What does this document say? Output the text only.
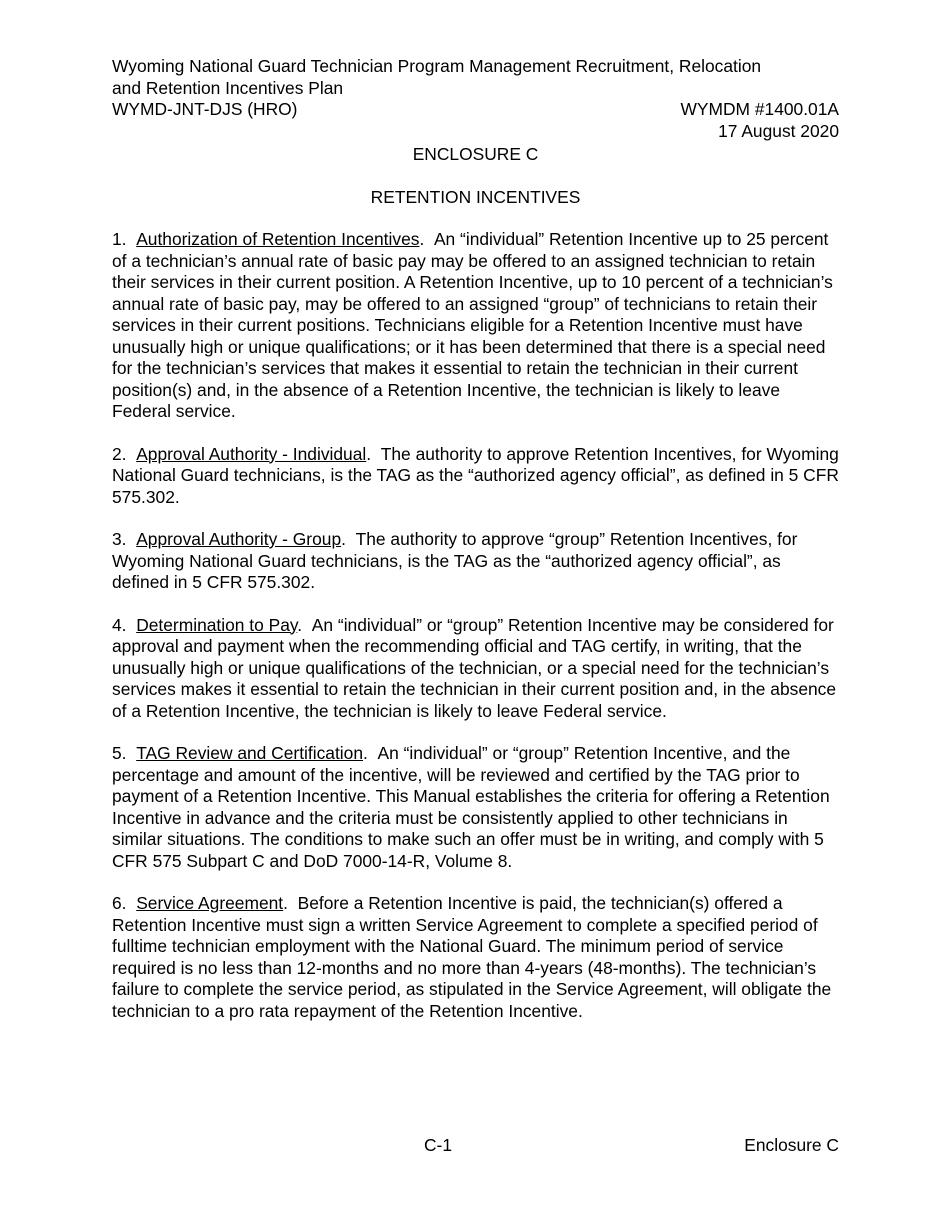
Wyoming National Guard Technician Program Management Recruitment, Relocation
and Retention Incentives Plan
WYMD-JNT-DJS (HRO)	WYMDM #1400.01A
17 August 2020
ENCLOSURE C
RETENTION INCENTIVES
1. Authorization of Retention Incentives.  An “individual” Retention Incentive up to 25 percent of a technician’s annual rate of basic pay may be offered to an assigned technician to retain their services in their current position. A Retention Incentive, up to 10 percent of a technician’s annual rate of basic pay, may be offered to an assigned “group” of technicians to retain their services in their current positions. Technicians eligible for a Retention Incentive must have unusually high or unique qualifications; or it has been determined that there is a special need for the technician’s services that makes it essential to retain the technician in their current position(s) and, in the absence of a Retention Incentive, the technician is likely to leave Federal service.
2. Approval Authority - Individual.  The authority to approve Retention Incentives, for Wyoming National Guard technicians, is the TAG as the “authorized agency official”, as defined in 5 CFR 575.302.
3. Approval Authority - Group.  The authority to approve “group” Retention Incentives, for Wyoming National Guard technicians, is the TAG as the “authorized agency official”, as defined in 5 CFR 575.302.
4. Determination to Pay.  An “individual” or “group” Retention Incentive may be considered for approval and payment when the recommending official and TAG certify, in writing, that the unusually high or unique qualifications of the technician, or a special need for the technician’s services makes it essential to retain the technician in their current position and, in the absence of a Retention Incentive, the technician is likely to leave Federal service.
5. TAG Review and Certification.  An “individual” or “group” Retention Incentive, and the percentage and amount of the incentive, will be reviewed and certified by the TAG prior to payment of a Retention Incentive. This Manual establishes the criteria for offering a Retention Incentive in advance and the criteria must be consistently applied to other technicians in similar situations. The conditions to make such an offer must be in writing, and comply with 5 CFR 575 Subpart C and DoD 7000-14-R, Volume 8.
6. Service Agreement.  Before a Retention Incentive is paid, the technician(s) offered a Retention Incentive must sign a written Service Agreement to complete a specified period of fulltime technician employment with the National Guard. The minimum period of service required is no less than 12-months and no more than 4-years (48-months). The technician’s failure to complete the service period, as stipulated in the Service Agreement, will obligate the technician to a pro rata repayment of the Retention Incentive.
C-1	Enclosure C
